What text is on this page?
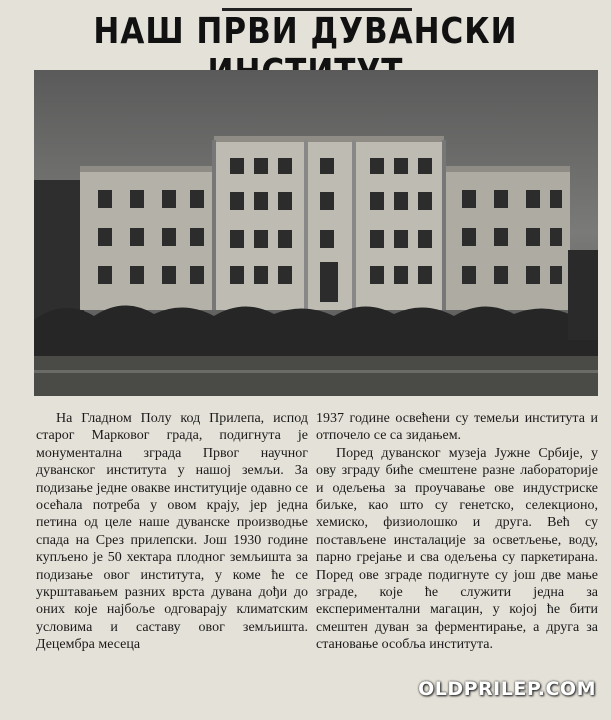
НАШ ПРВИ ДУВАНСКИ

На Гладном Полу код Прилепа, испод старог Марковог града, подигнута је монументална зграда Првог научног дуванског института у нашој земљи. За подизање једне овакве институције одавно се осећала потреба у овом крају, јер једна петина од целе наше дуванске производње спада на Срез прилепски. Још 1930 године купљено је 50 хектара плодног земљишта за подизање овог института, у коме ће се укрштавањем разних врста дувана дођи до оних које најбоље одговарају климатским условима и саставу овог земљишта. Децембра месеца

1937 године освећени су темељи института и отпочело се са зидањем.

Поред дуванског музеја Јужне Србије, у ову зграду биће смештене разне лабораторије и одељења за проучавање ове индустриске биљке, као што су генетско, селекционо, хемиско, физиолошко и друга. Већ су постављене инсталације за осветљење, воду, парно грејање и сва одељења су паркетирана. Поред ове зграде подигнуте су још две мање зграде, које ће служити једна за експериментални магацин, у којој ће бити смештен дуван за ферментирање, а друга за становање особља института.

OLDPRILEP.COM
